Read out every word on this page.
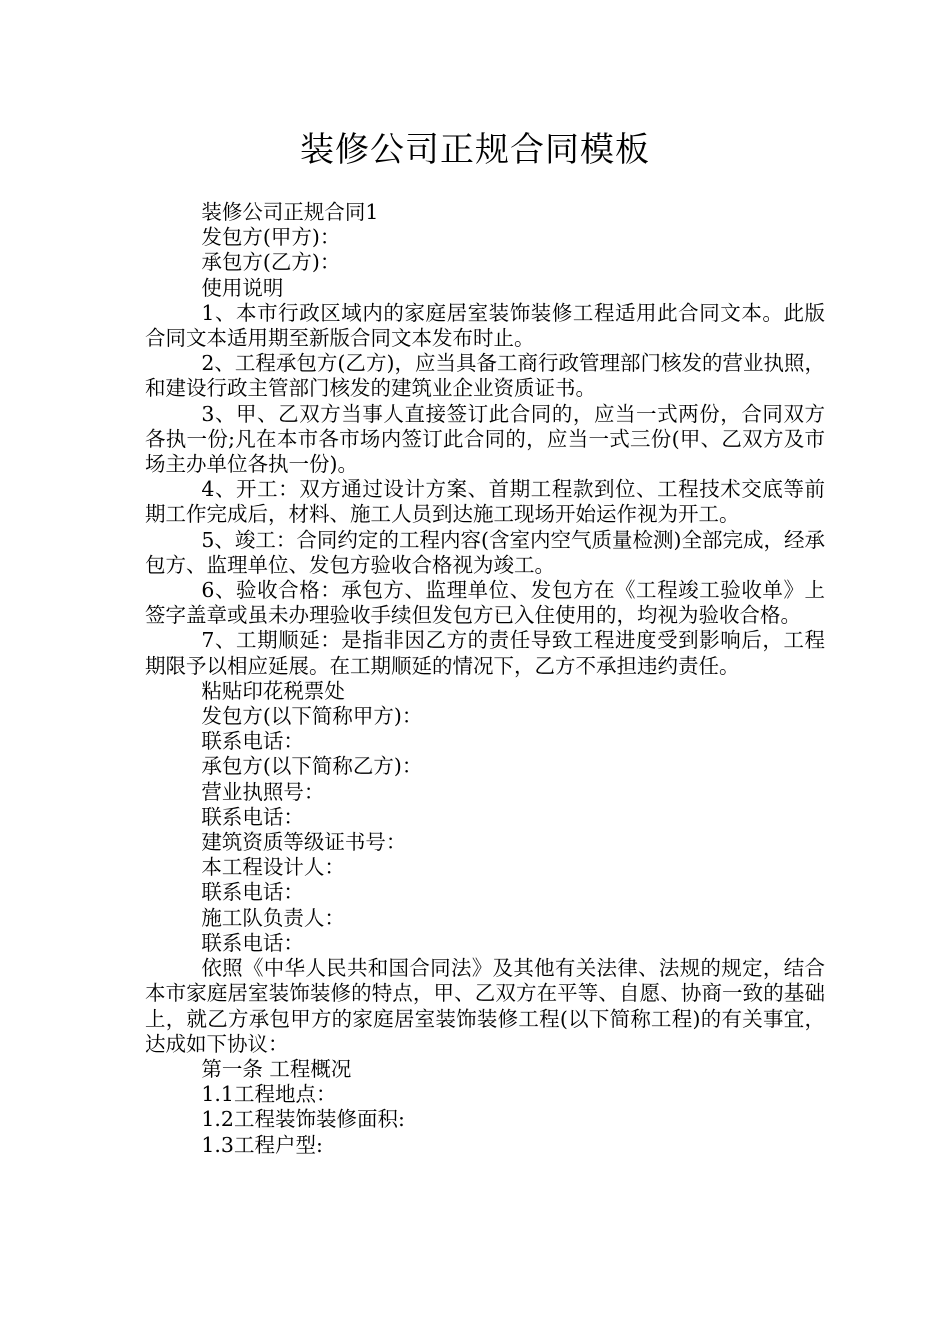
装修公司正规合同模板

装修公司正规合同1

发包方(甲方)：

承包方(乙方)：

使用说明

1、本市行政区域内的家庭居室装饰装修工程适用此合同文本。此版合同文本适用期至新版合同文本发布时止。

2、工程承包方(乙方)，应当具备工商行政管理部门核发的营业执照，和建设行政主管部门核发的建筑业企业资质证书。

3、甲、乙双方当事人直接签订此合同的，应当一式两份，合同双方各执一份;凡在本市各市场内签订此合同的，应当一式三份(甲、乙双方及市场主办单位各执一份)。

4、开工：双方通过设计方案、首期工程款到位、工程技术交底等前期工作完成后，材料、施工人员到达施工现场开始运作视为开工。

5、竣工：合同约定的工程内容(含室内空气质量检测)全部完成，经承包方、监理单位、发包方验收合格视为竣工。

6、验收合格：承包方、监理单位、发包方在《工程竣工验收单》上签字盖章或虽未办理验收手续但发包方已入住使用的，均视为验收合格。

7、工期顺延：是指非因乙方的责任导致工程进度受到影响后，工程期限予以相应延展。在工期顺延的情况下，乙方不承担违约责任。

粘贴印花税票处

发包方(以下简称甲方)：

联系电话：

承包方(以下简称乙方)：

营业执照号：

联系电话：

建筑资质等级证书号：

本工程设计人：

联系电话：

施工队负责人：

联系电话：

依照《中华人民共和国合同法》及其他有关法律、法规的规定，结合本市家庭居室装饰装修的特点，甲、乙双方在平等、自愿、协商一致的基础上，就乙方承包甲方的家庭居室装饰装修工程(以下简称工程)的有关事宜，达成如下协议：

第一条 工程概况

1.1工程地点：

1.2工程装饰装修面积:

1.3工程户型:
